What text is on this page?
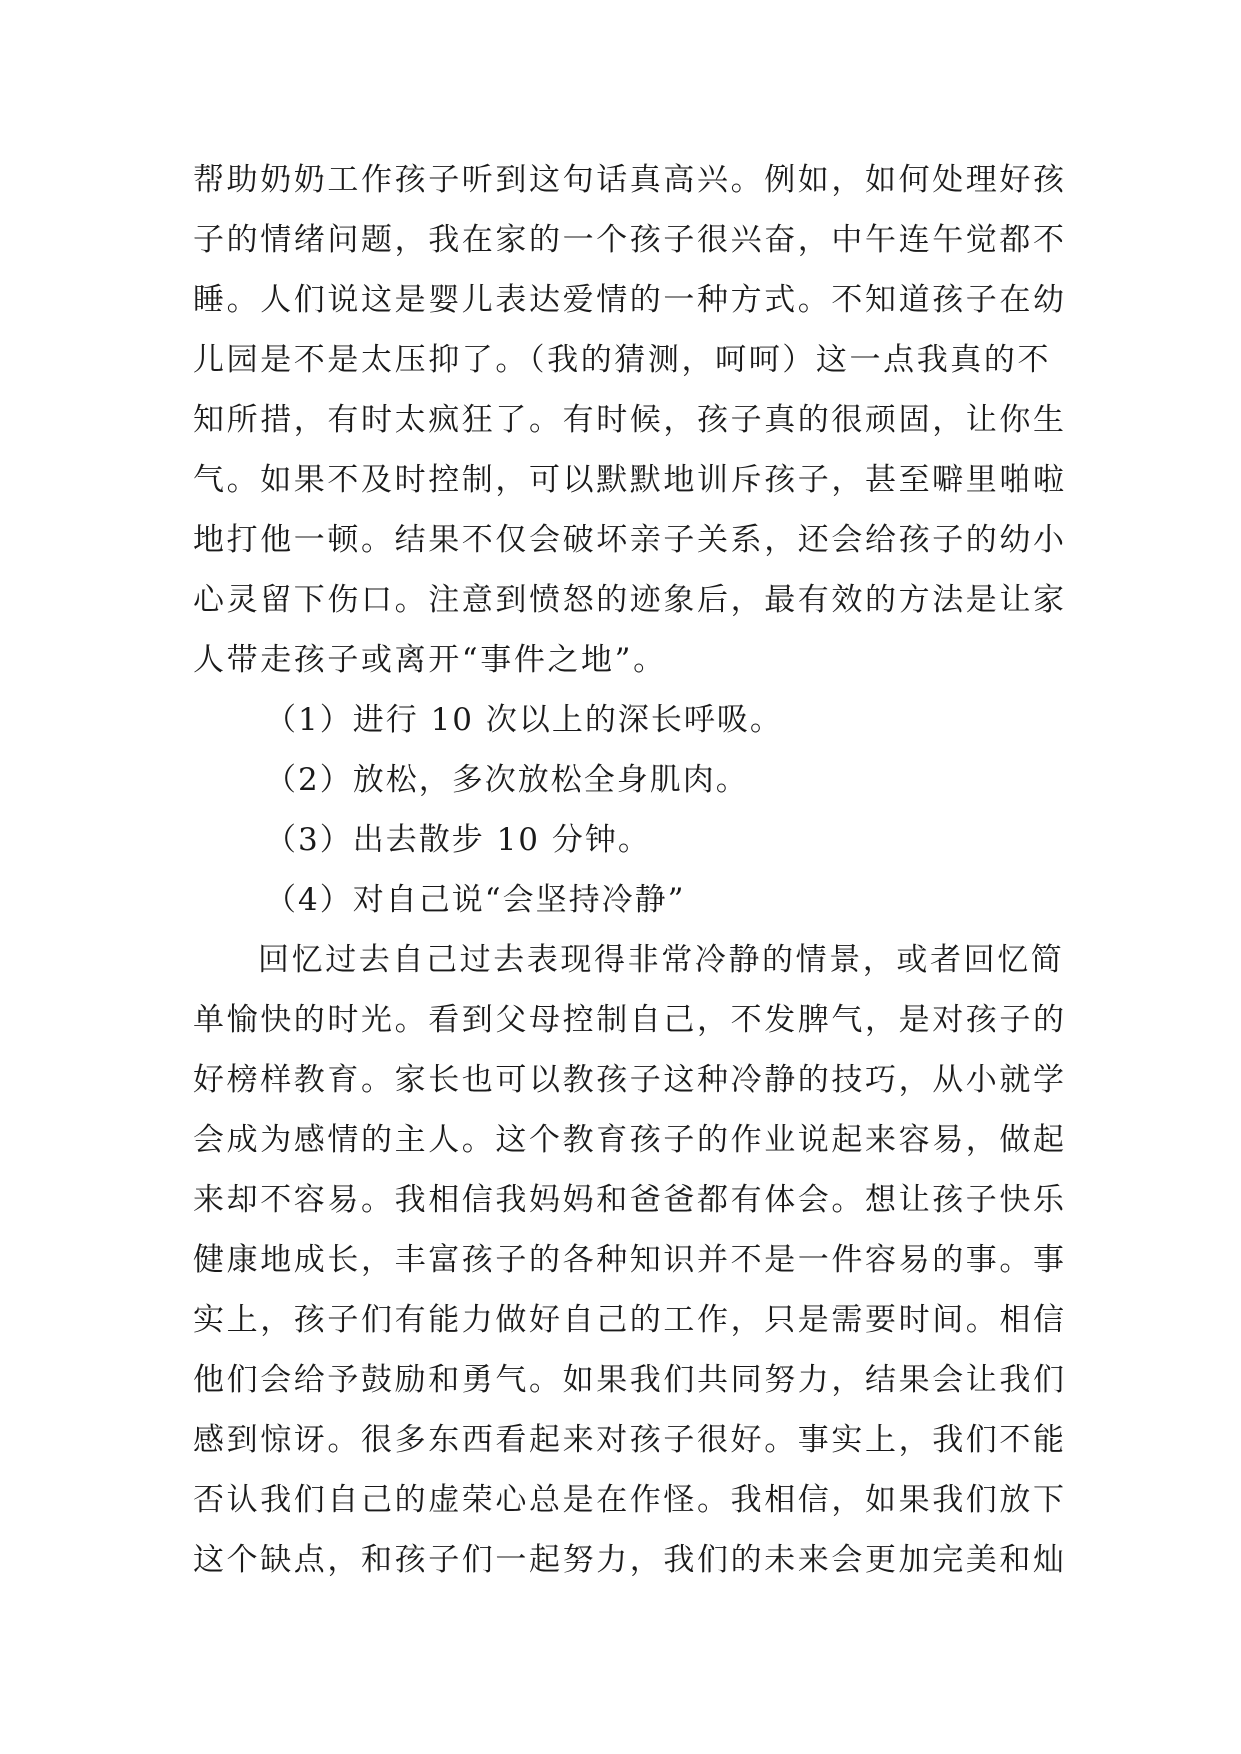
帮助奶奶工作孩子听到这句话真高兴。例如，如何处理好孩
子的情绪问题，我在家的一个孩子很兴奋，中午连午觉都不
睡。人们说这是婴儿表达爱情的一种方式。不知道孩子在幼
儿园是不是太压抑了。（我的猜测，呵呵）这一点我真的不
知所措，有时太疯狂了。有时候，孩子真的很顽固，让你生
气。如果不及时控制，可以默默地训斥孩子，甚至噼里啪啦
地打他一顿。结果不仅会破坏亲子关系，还会给孩子的幼小
心灵留下伤口。注意到愤怒的迹象后，最有效的方法是让家
人带走孩子或离开“事件之地”。
（1）进行 10 次以上的深长呼吸。
（2）放松，多次放松全身肌肉。
（3）出去散步 10 分钟。
（4）对自己说“会坚持冷静”
回忆过去自己过去表现得非常冷静的情景，或者回忆简
单愉快的时光。看到父母控制自己，不发脾气，是对孩子的
好榜样教育。家长也可以教孩子这种冷静的技巧，从小就学
会成为感情的主人。这个教育孩子的作业说起来容易，做起
来却不容易。我相信我妈妈和爸爸都有体会。想让孩子快乐
健康地成长，丰富孩子的各种知识并不是一件容易的事。事
实上，孩子们有能力做好自己的工作，只是需要时间。相信
他们会给予鼓励和勇气。如果我们共同努力，结果会让我们
感到惊讶。很多东西看起来对孩子很好。事实上，我们不能
否认我们自己的虚荣心总是在作怪。我相信，如果我们放下
这个缺点，和孩子们一起努力，我们的未来会更加完美和灿
